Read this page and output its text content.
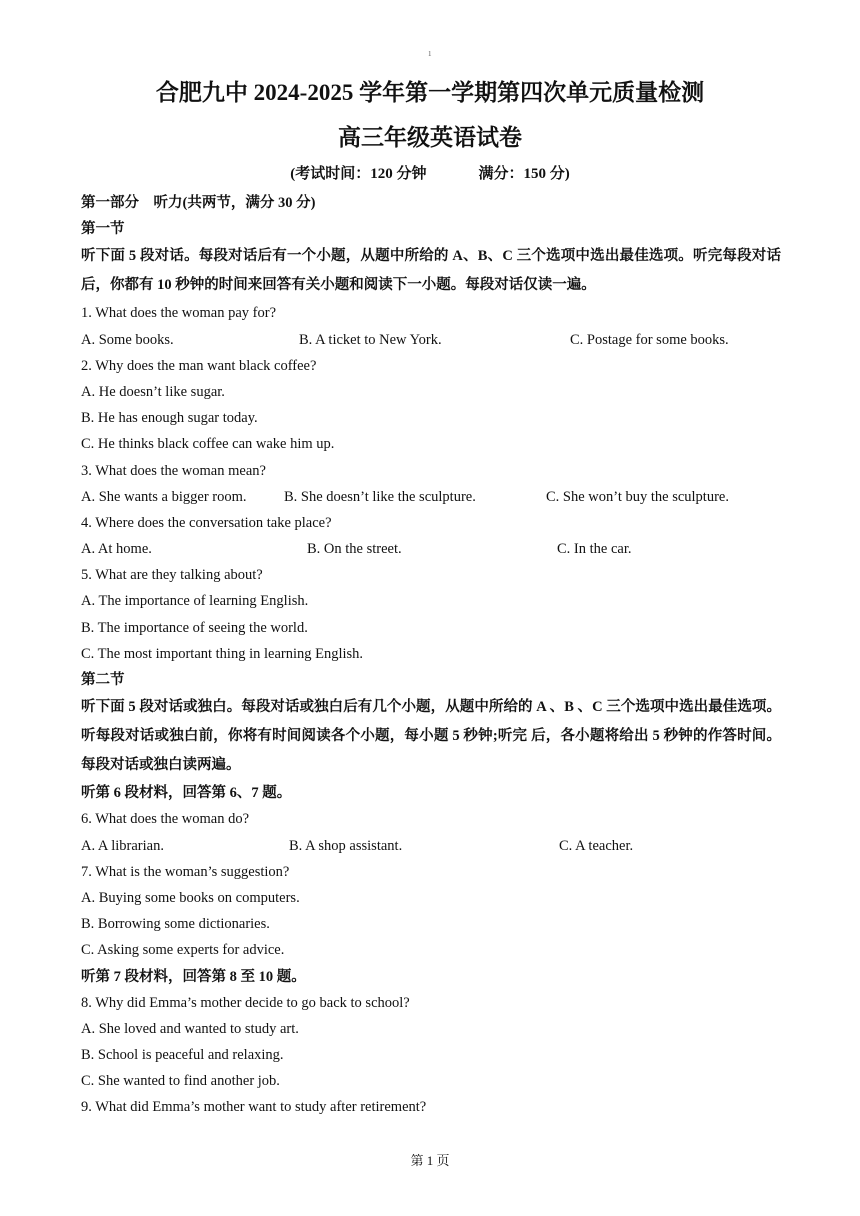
1
合肥九中 2024-2025 学年第一学期第四次单元质量检测
高三年级英语试卷
(考试时间：120 分钟	满分：150 分)
第一部分　听力(共两节，满分 30 分)
第一节
听下面 5 段对话。每段对话后有一个小题，从题中所给的 A、B、C 三个选项中选出最佳选项。听完每段对话后，你都有 10 秒钟的时间来回答有关小题和阅读下一小题。每段对话仅读一遍。
1. What does the woman pay for?
A. Some books.	B. A ticket to New York.	C. Postage for some books.
2. Why does the man want black coffee?
A. He doesn’t like sugar.
B. He has enough sugar today.
C. He thinks black coffee can wake him up.
3. What does the woman mean?
A. She wants a bigger room.	B. She doesn’t like the sculpture.	C. She won’t buy the sculpture.
4. Where does the conversation take place?
A. At home.	B. On the street.	C. In the car.
5. What are they talking about?
A. The importance of learning English.
B. The importance of seeing the world.
C. The most important thing in learning English.
第二节
听下面 5 段对话或独白。每段对话或独白后有几个小题，从题中所给的 A 、B 、C 三个选项中选出最佳选项。听每段对话或独白前，你将有时间阅读各个小题，每小题 5 秒钟;听完 后，各小题将给出 5 秒钟的作答时间。每段对话或独白读两遍。
听第 6 段材料，回答第 6、7 题。
6. What does the woman do?
A. A librarian.	B. A shop assistant.	C. A teacher.
7. What is the woman’s suggestion?
A. Buying some books on computers.
B. Borrowing some dictionaries.
C. Asking some experts for advice.
听第 7 段材料，回答第 8 至 10 题。
8. Why did Emma’s mother decide to go back to school?
A. She loved and wanted to study art.
B. School is peaceful and relaxing.
C. She wanted to find another job.
9. What did Emma’s mother want to study after retirement?
第 1 页
